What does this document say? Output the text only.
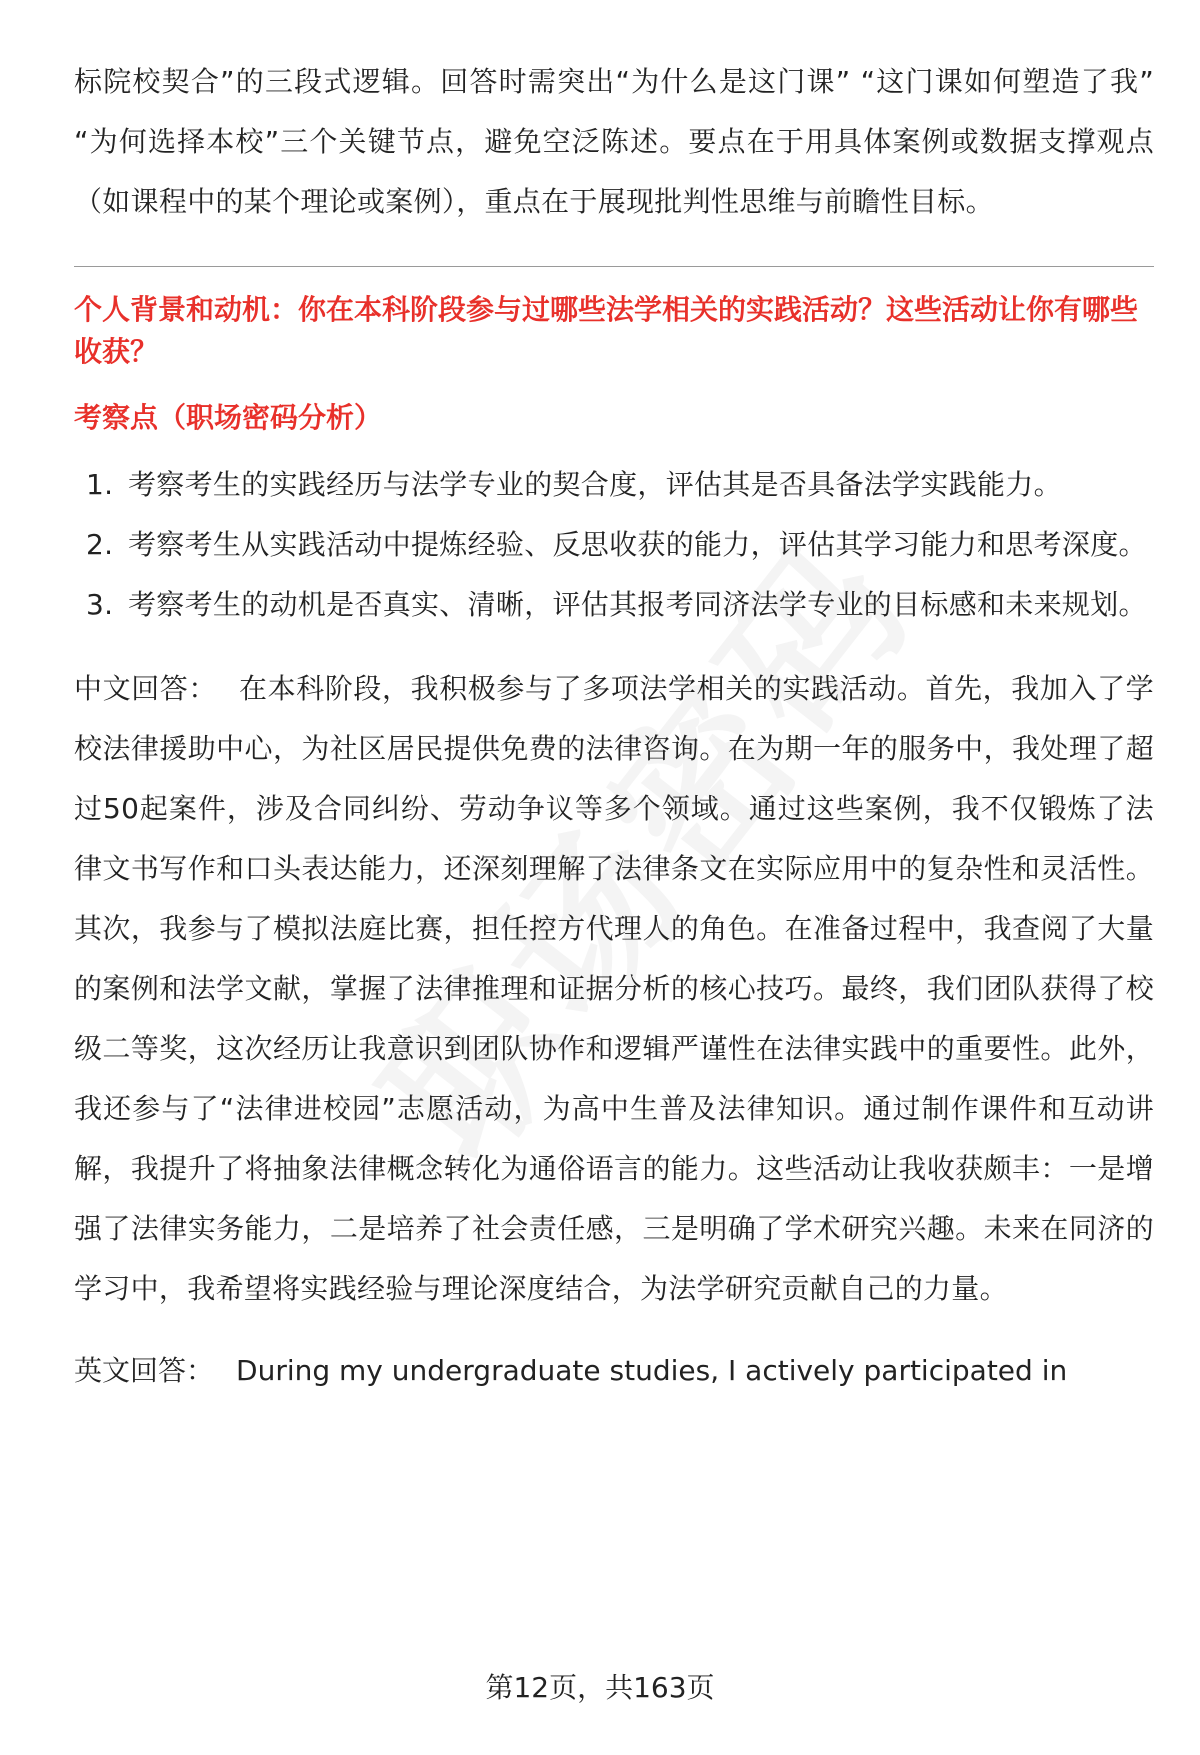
标院校契合”的三段式逻辑。回答时需突出“为什么是这门课” “这门课如何塑造了我” “为何选择本校”三个关键节点，避免空泛陈述。要点在于用具体案例或数据支撑观点（如课程中的某个理论或案例），重点在于展现批判性思维与前瞻性目标。

个人背景和动机：你在本科阶段参与过哪些法学相关的实践活动？这些活动让你有哪些收获？

考察点（职场密码分析）

1. 考察考生的实践经历与法学专业的契合度，评估其是否具备法学实践能力。
2. 考察考生从实践活动中提炼经验、反思收获的能力，评估其学习能力和思考深度。
3. 考察考生的动机是否真实、清晰，评估其报考同济法学专业的目标感和未来规划。

中文回答： 在本科阶段，我积极参与了多项法学相关的实践活动。首先，我加入了学校法律援助中心，为社区居民提供免费的法律咨询。在为期一年的服务中，我处理了超过50起案件，涉及合同纠纷、劳动争议等多个领域。通过这些案例，我不仅锻炼了法律文书写作和口头表达能力，还深刻理解了法律条文在实际应用中的复杂性和灵活性。其次，我参与了模拟法庭比赛，担任控方代理人的角色。在准备过程中，我查阅了大量的案例和法学文献，掌握了法律推理和证据分析的核心技巧。最终，我们团队获得了校级二等奖，这次经历让我意识到团队协作和逻辑严谨性在法律实践中的重要性。此外，我还参与了“法律进校园”志愿活动，为高中生普及法律知识。通过制作课件和互动讲解，我提升了将抽象法律概念转化为通俗语言的能力。这些活动让我收获颇丰：一是增强了法律实务能力，二是培养了社会责任感，三是明确了学术研究兴趣。未来在同济的学习中，我希望将实践经验与理论深度结合，为法学研究贡献自己的力量。

英文回答： During my undergraduate studies, I actively participated in

第12页，共163页
